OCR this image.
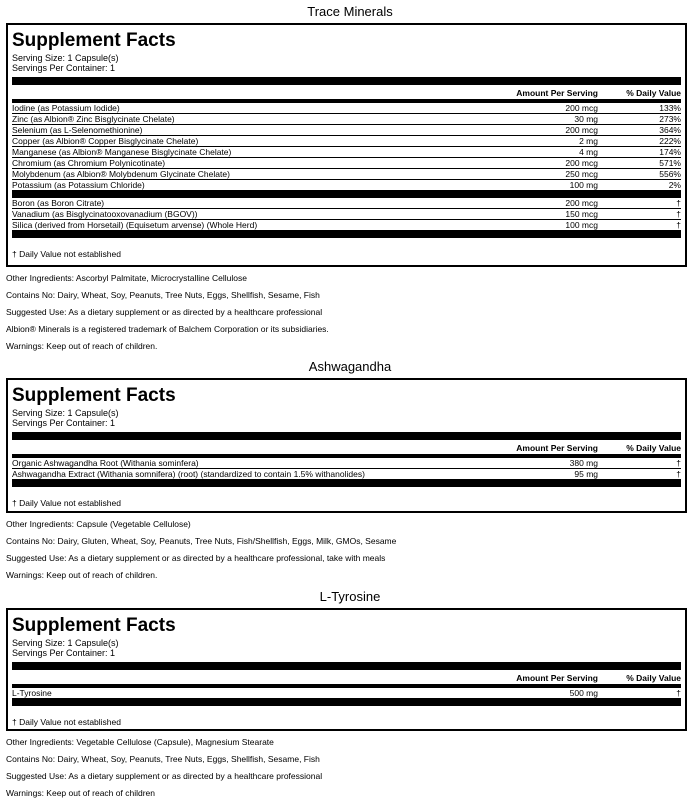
Trace Minerals
Supplement Facts
Serving Size: 1 Capsule(s)
Servings Per Container: 1
Amount Per Serving	% Daily Value
Iodine (as Potassium Iodide)	200 mcg	133%
Zinc (as Albion® Zinc Bisglycinate Chelate)	30 mg	273%
Selenium (as L-Selenomethionine)	200 mcg	364%
Copper (as Albion® Copper Bisglycinate Chelate)	2 mg	222%
Manganese (as Albion® Manganese Bisglycinate Chelate)	4 mg	174%
Chromium (as Chromium Polynicotinate)	200 mcg	571%
Molybdenum (as Albion® Molybdenum Glycinate Chelate)	250 mcg	556%
Potassium (as Potassium Chloride)	100 mg	2%
Boron (as Boron Citrate)	200 mcg	†
Vanadium (as Bisglycinatooxovanadium (BGOV))	150 mcg	†
Silica (derived from Horsetail) (Equisetum arvense) (Whole Herd)	100 mcg	†
† Daily Value not established
Other Ingredients: Ascorbyl Palmitate, Microcrystalline Cellulose
Contains No: Dairy, Wheat, Soy, Peanuts, Tree Nuts, Eggs, Shellfish, Sesame, Fish
Suggested Use: As a dietary supplement or as directed by a healthcare professional
Albion® Minerals is a registered trademark of Balchem Corporation or its subsidiaries.
Warnings: Keep out of reach of children.
Ashwagandha
Supplement Facts
Serving Size: 1 Capsule(s)
Servings Per Container: 1
Amount Per Serving	% Daily Value
Organic Ashwagandha Root (Withania sominfera)	380 mg	†
Ashwagandha Extract (Withania somnifera) (root) (standardized to contain 1.5% withanolides)	95 mg	†
† Daily Value not established
Other Ingredients: Capsule (Vegetable Cellulose)
Contains No: Dairy, Gluten, Wheat, Soy, Peanuts, Tree Nuts, Fish/Shellfish, Eggs, Milk, GMOs, Sesame
Suggested Use: As a dietary supplement or as directed by a healthcare professional, take with meals
Warnings: Keep out of reach of children.
L-Tyrosine
Supplement Facts
Serving Size: 1 Capsule(s)
Servings Per Container: 1
Amount Per Serving	% Daily Value
L-Tyrosine	500 mg	†
† Daily Value not established
Other Ingredients: Vegetable Cellulose (Capsule), Magnesium Stearate
Contains No: Dairy, Wheat, Soy, Peanuts, Tree Nuts, Eggs, Shellfish, Sesame, Fish
Suggested Use: As a dietary supplement or as directed by a healthcare professional
Warnings: Keep out of reach of children
